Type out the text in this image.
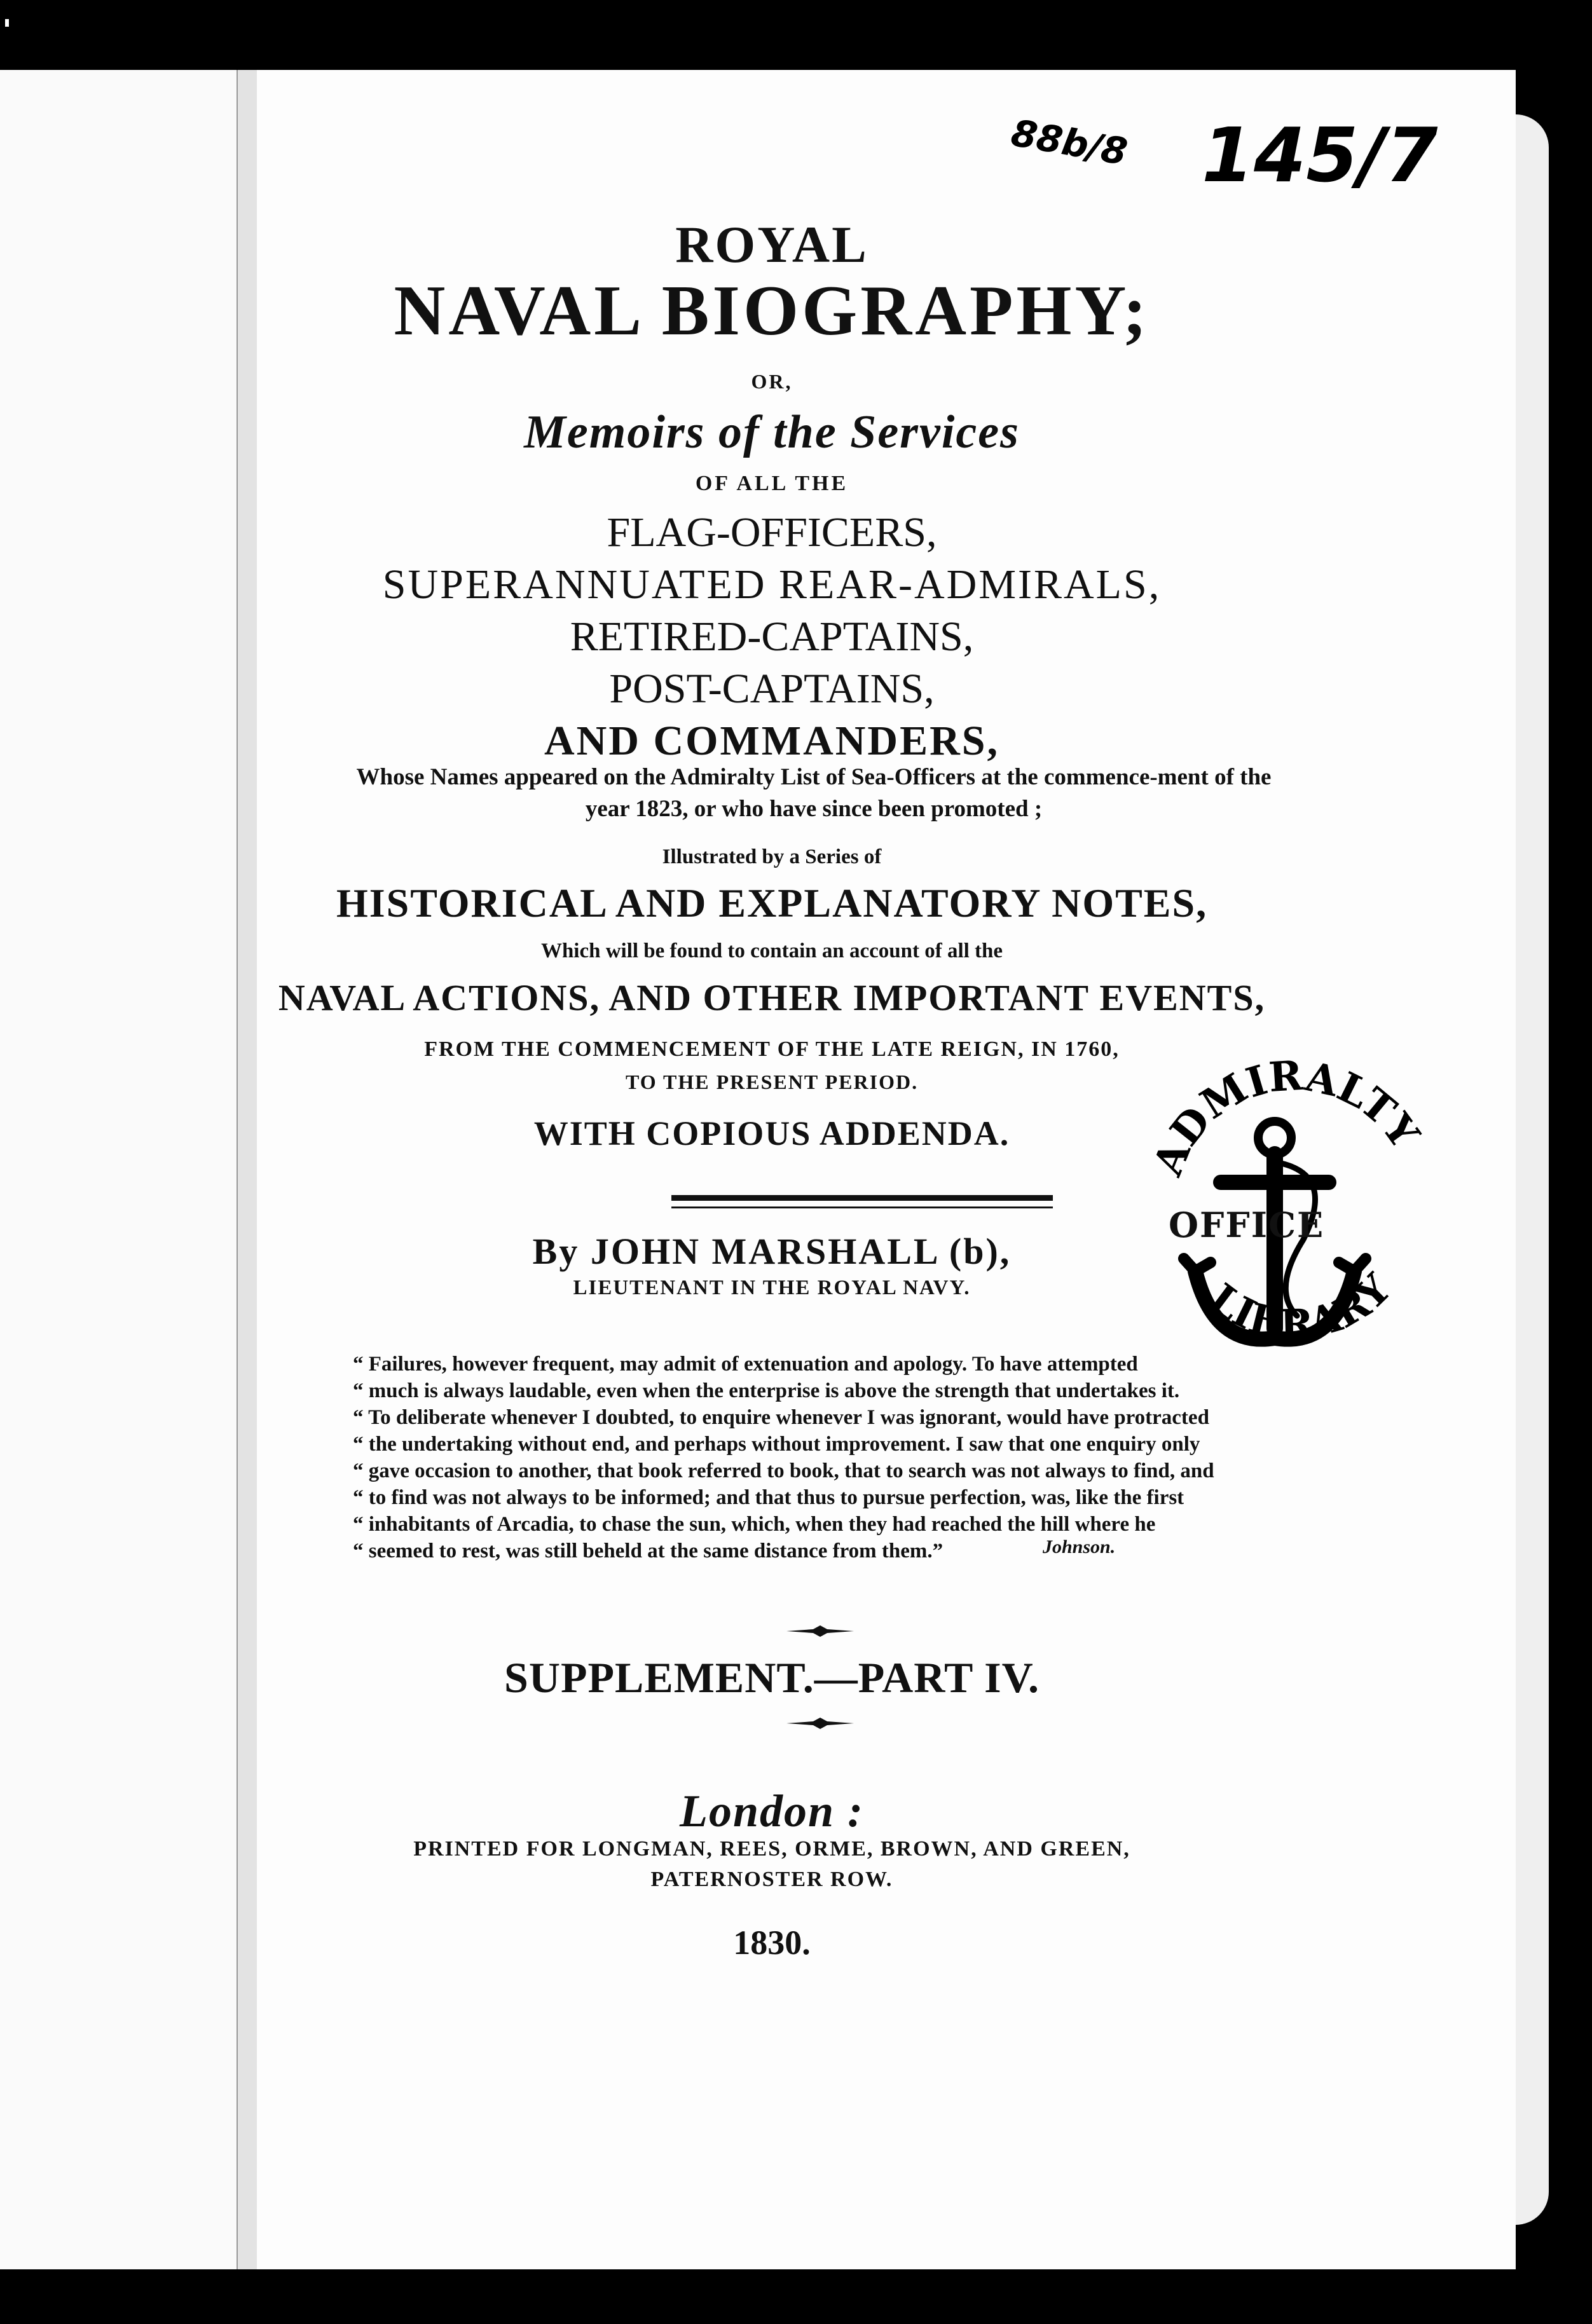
88b/8 145/7
ROYAL
NAVAL BIOGRAPHY;
OR,
Memoirs of the Services
OF ALL THE
FLAG-OFFICERS,
SUPERANNUATED REAR-ADMIRALS,
RETIRED-CAPTAINS,
POST-CAPTAINS,
AND COMMANDERS,
Whose Names appeared on the Admiralty List of Sea-Officers at the commence-ment of the year 1823, or who have since been promoted ;
Illustrated by a Series of
HISTORICAL AND EXPLANATORY NOTES,
Which will be found to contain an account of all the
NAVAL ACTIONS, AND OTHER IMPORTANT EVENTS,
FROM THE COMMENCEMENT OF THE LATE REIGN, IN 1760,
TO THE PRESENT PERIOD.
WITH COPIOUS ADDENDA.
By JOHN MARSHALL (b),
LIEUTENANT IN THE ROYAL NAVY.
“ Failures, however frequent, may admit of extenuation and apology. To have attempted
“ much is always laudable, even when the enterprise is above the strength that undertakes it.
“ To deliberate whenever I doubted, to enquire whenever I was ignorant, would have protracted
“ the undertaking without end, and perhaps without improvement. I saw that one enquiry only
“ gave occasion to another, that book referred to book, that to search was not always to find, and
“ to find was not always to be informed; and that thus to pursue perfection, was, like the first
“ inhabitants of Arcadia, to chase the sun, which, when they had reached the hill where he
“ seemed to rest, was still beheld at the same distance from them.”	Johnson.
SUPPLEMENT.—PART IV.
London :
PRINTED FOR LONGMAN, REES, ORME, BROWN, AND GREEN,
PATERNOSTER ROW.
1830.
ADMIRALTY
LIBRARY
OFFICE
